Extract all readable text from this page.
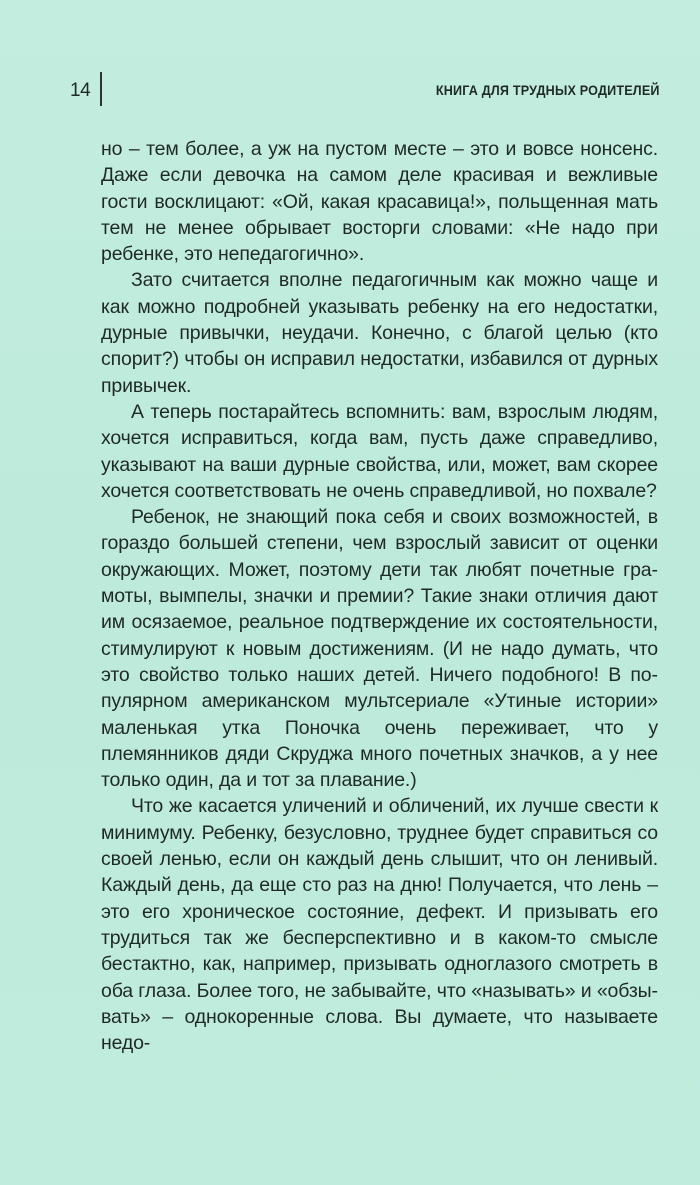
14	КНИГА ДЛЯ ТРУДНЫХ РОДИТЕЛЕЙ

но – тем более, а уж на пустом месте – это и вовсе нонсенс. Даже если девочка на самом деле красивая и вежливые гости восклицают: «Ой, какая красавица!», польщенная мать тем не менее обрывает восторги словами: «Не надо при ребенке, это непедагогично».

Зато считается вполне педагогичным как можно чаще и как можно подробней указывать ребенку на его недостатки, дурные привычки, неудачи. Конечно, с благой целью (кто спорит?) чтобы он исправил недостатки, избавился от дурных привычек.

А теперь постарайтесь вспомнить: вам, взрослым людям, хочется исправиться, когда вам, пусть даже справедливо, указывают на ваши дурные свойства, или, может, вам скорее хочется соответствовать не очень справедливой, но похвале?

Ребенок, не знающий пока себя и своих возможностей, в гораздо большей степени, чем взрослый зависит от оценки окружающих. Может, поэтому дети так любят почетные грамоты, вымпелы, значки и премии? Такие знаки отличия дают им осязаемое, реальное подтверждение их состоятельности, стимулируют к новым достижениям. (И не надо думать, что это свойство только наших детей. Ничего подобного! В популярном американском мультсериале «Утиные истории» маленькая утка Поночка очень переживает, что у племянников дяди Скруджа много почетных значков, а у нее только один, да и тот за плавание.)

Что же касается уличений и обличений, их лучше свести к минимуму. Ребенку, безусловно, труднее будет справиться со своей ленью, если он каждый день слышит, что он ленивый. Каждый день, да еще сто раз на дню! Получается, что лень – это его хроническое состояние, дефект. И призывать его трудиться так же бесперспективно и в каком-то смысле бестактно, как, например, призывать одноглазого смотреть в оба глаза. Более того, не забывайте, что «называть» и «обзывать» – однокоренные слова. Вы думаете, что называете недо-
